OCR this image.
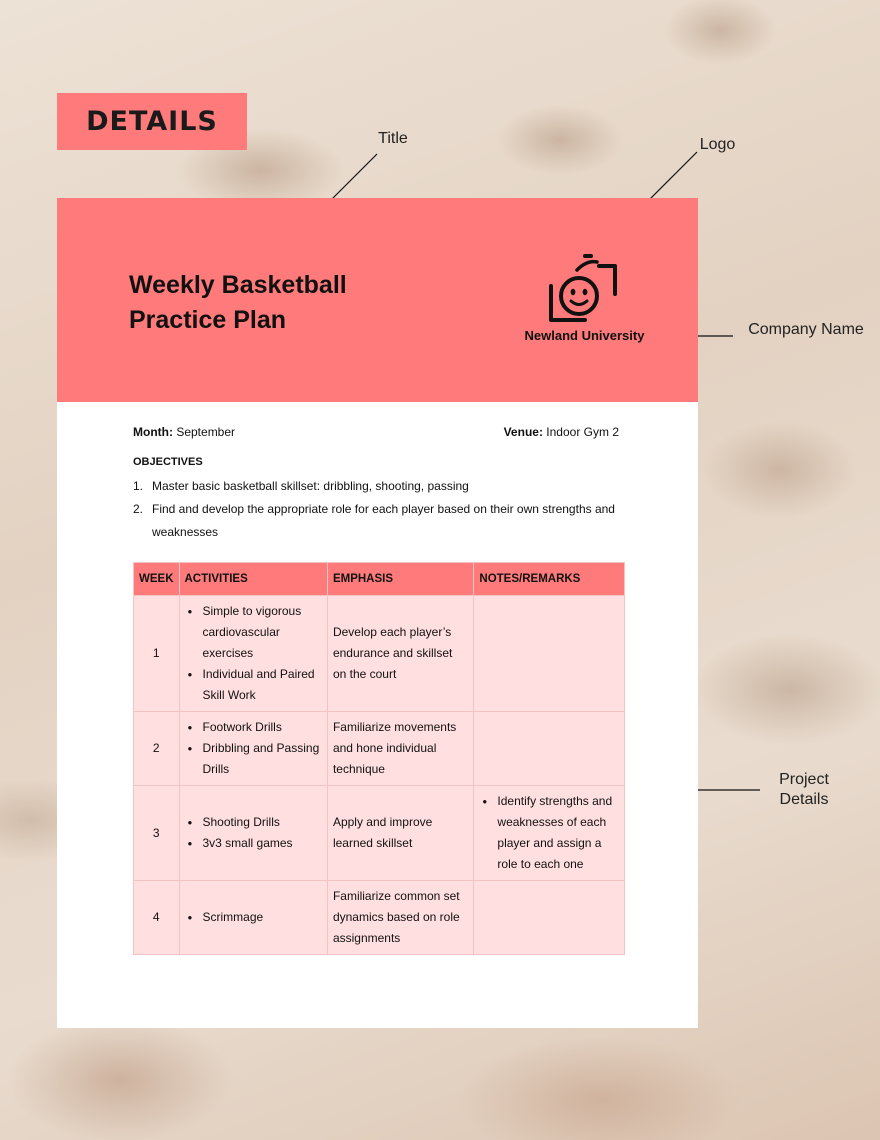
DETAILS
Title	Logo
Company Name
Project
Details
Weekly Basketball
Practice Plan
Newland University
Month: September	Venue: Indoor Gym 2
OBJECTIVES
1. Master basic basketball skillset: dribbling, shooting, passing
2. Find and develop the appropriate role for each player based on their own strengths and weaknesses
WEEK	ACTIVITIES	EMPHASIS	NOTES/REMARKS
1	● Simple to vigorous cardiovascular exercises
● Individual and Paired Skill Work	Develop each player’s endurance and skillset on the court	
2	● Footwork Drills
● Dribbling and Passing Drills	Familiarize movements and hone individual technique	
3	● Shooting Drills
● 3v3 small games	Apply and improve learned skillset	● Identify strengths and weaknesses of each player and assign a role to each one

4	● Scrimmage	Familiarize common set dynamics based on role assignments	
